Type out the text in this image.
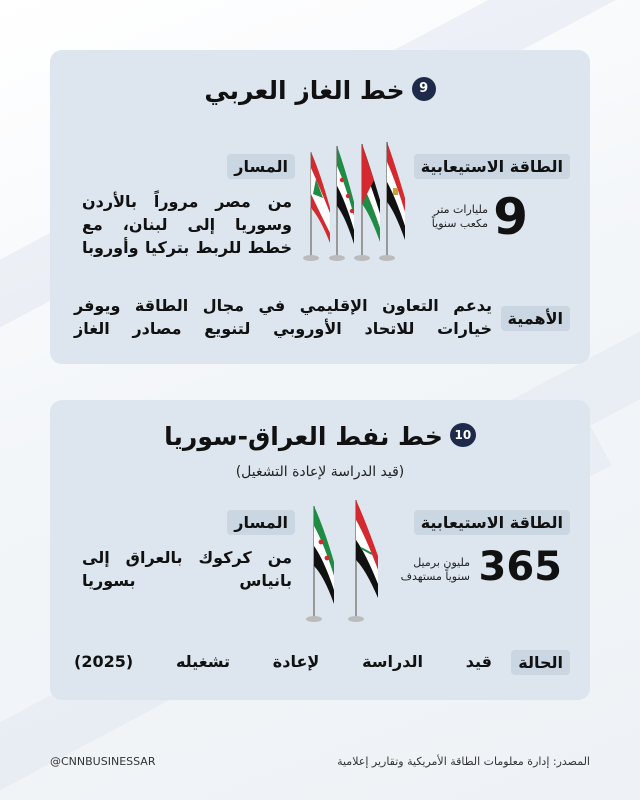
9خط الغاز العربي
الطاقة الاستيعابية
9
مليارات متر
مكعب سنوياً
المسار
من مصر مروراً بالأردن
وسوريا إلى لبنان، مع
خطط للربط بتركيا وأوروبا
الأهمية
يدعم التعاون الإقليمي في مجال الطاقة ويوفر
خيارات للاتحاد الأوروبي لتنويع مصادر الغاز
10خط نفط العراق-سوريا
(قيد الدراسة لإعادة التشغيل)
الطاقة الاستيعابية
365
مليون برميل
سنوياً مستهدف
المسار
من كركوك بالعراق إلى
بانياس بسوريا
الحالة
قيد الدراسة لإعادة تشغيله (2025)
المصدر: إدارة معلومات الطاقة الأمريكية وتقارير إعلامية
@CNNBUSINESSAR
